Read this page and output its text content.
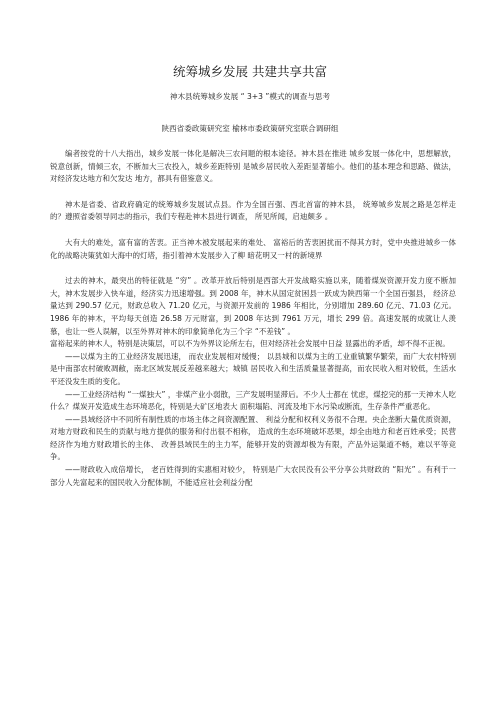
统筹城乡发展 共建共享共富

神木县统筹城乡发展 “ 3+3 ”模式的调查与思考

陕西省委政策研究室 榆林市委政策研究室联合调研组

编者按党的十八大指出，城乡发展一体化是解决三农问题的根本途径。神木县在推进 城乡发展一体化中，思想解放，锐意创新，情倾三农，不断加大三农投入，城乡差距特别 是城乡居民收入差距显著缩小。他们的基本理念和思路、做法，对经济发达地方和欠发达 地方，都具有借鉴意义。

神木是省委、省政府确定的统筹城乡发展试点县。作为全国百强、西北首富的神木县， 统筹城乡发展之路是怎样走的？遵照省委领导同志的指示，我们专程赴神木县进行调查， 所见所闻，启迪颇多 。

大有大的难处，富有富的苦衷。正当神木被发展起来的难处、 富裕后的苦衷困扰而不得其方时，党中央推进城乡一体化的战略决策犹如大海中的灯塔，指引着神木发展步入了柳 暗花明又一村的新境界

过去的神木，最突出的特征就是 “穷” 。改革开放后特别是西部大开发战略实施以来，随着煤炭资源开发力度不断加大，神木发展步入快车道，经济实力迅速增强。到 2008 年，神木从国定贫困县一跃成为陕西第一个全国百强县， 经济总量达到 290.57 亿元，财政总收入 71.20 亿元，与资源开发前的 1986 年相比，分别增加 289.60 亿元、71.03 亿元。1986 年的神木，平均每天创造 26.58 万元财富，到 2008 年达到 7961 万元，增长 299 倍。高速发展的成就让人羡慕，也让一些人误解，以至外界对神木的印象简单化为三个字 “不差钱” 。

富裕起来的神木人，特别是决策层，可以不为外界议论所左右，但对经济社会发展中日益 显露出的矛盾，却不得不正视。

——以煤为主的工业经济发展迅速， 而农业发展相对缓慢； 以县城和以煤为主的工业重镇繁华繁荣，而广大农村特别是中南部农村破败凋敝，南北区域发展反差越来越大；城镇 居民收入和生活质量显著提高，而农民收入相对较低，生活水平还没发生质的变化。

——工业经济结构 “一煤独大” ，非煤产业小弱散，三产发展明显滞后。不少人士都在 忧虑，煤挖完的那一天神木人吃什么？煤炭开发造成生态环境恶化，特别是大矿区地表大 面积塌陷、河流及地下水污染或断流，生存条件严重恶化。

——县域经济中不同所有制性质的市场主体之间资源配置、 利益分配和权利义务很不合理。央企垄断大量优质资源，对地方财政和民生的贡献与地方提供的服务和付出很不相称， 造成的生态环境破坏恶果，却全由地方和老百姓承受；民营经济作为地方财政增长的主体、 改善县域民生的主力军，能够开发的资源却极为有限，产品外运渠道不畅，难以平等竞争。

——财政收入成倍增长， 老百姓得到的实惠相对较少， 特别是广大农民没有公平分享公共财政的 “阳光” 。有利于一部分人先富起来的国民收入分配体制，不能适应社会利益分配
